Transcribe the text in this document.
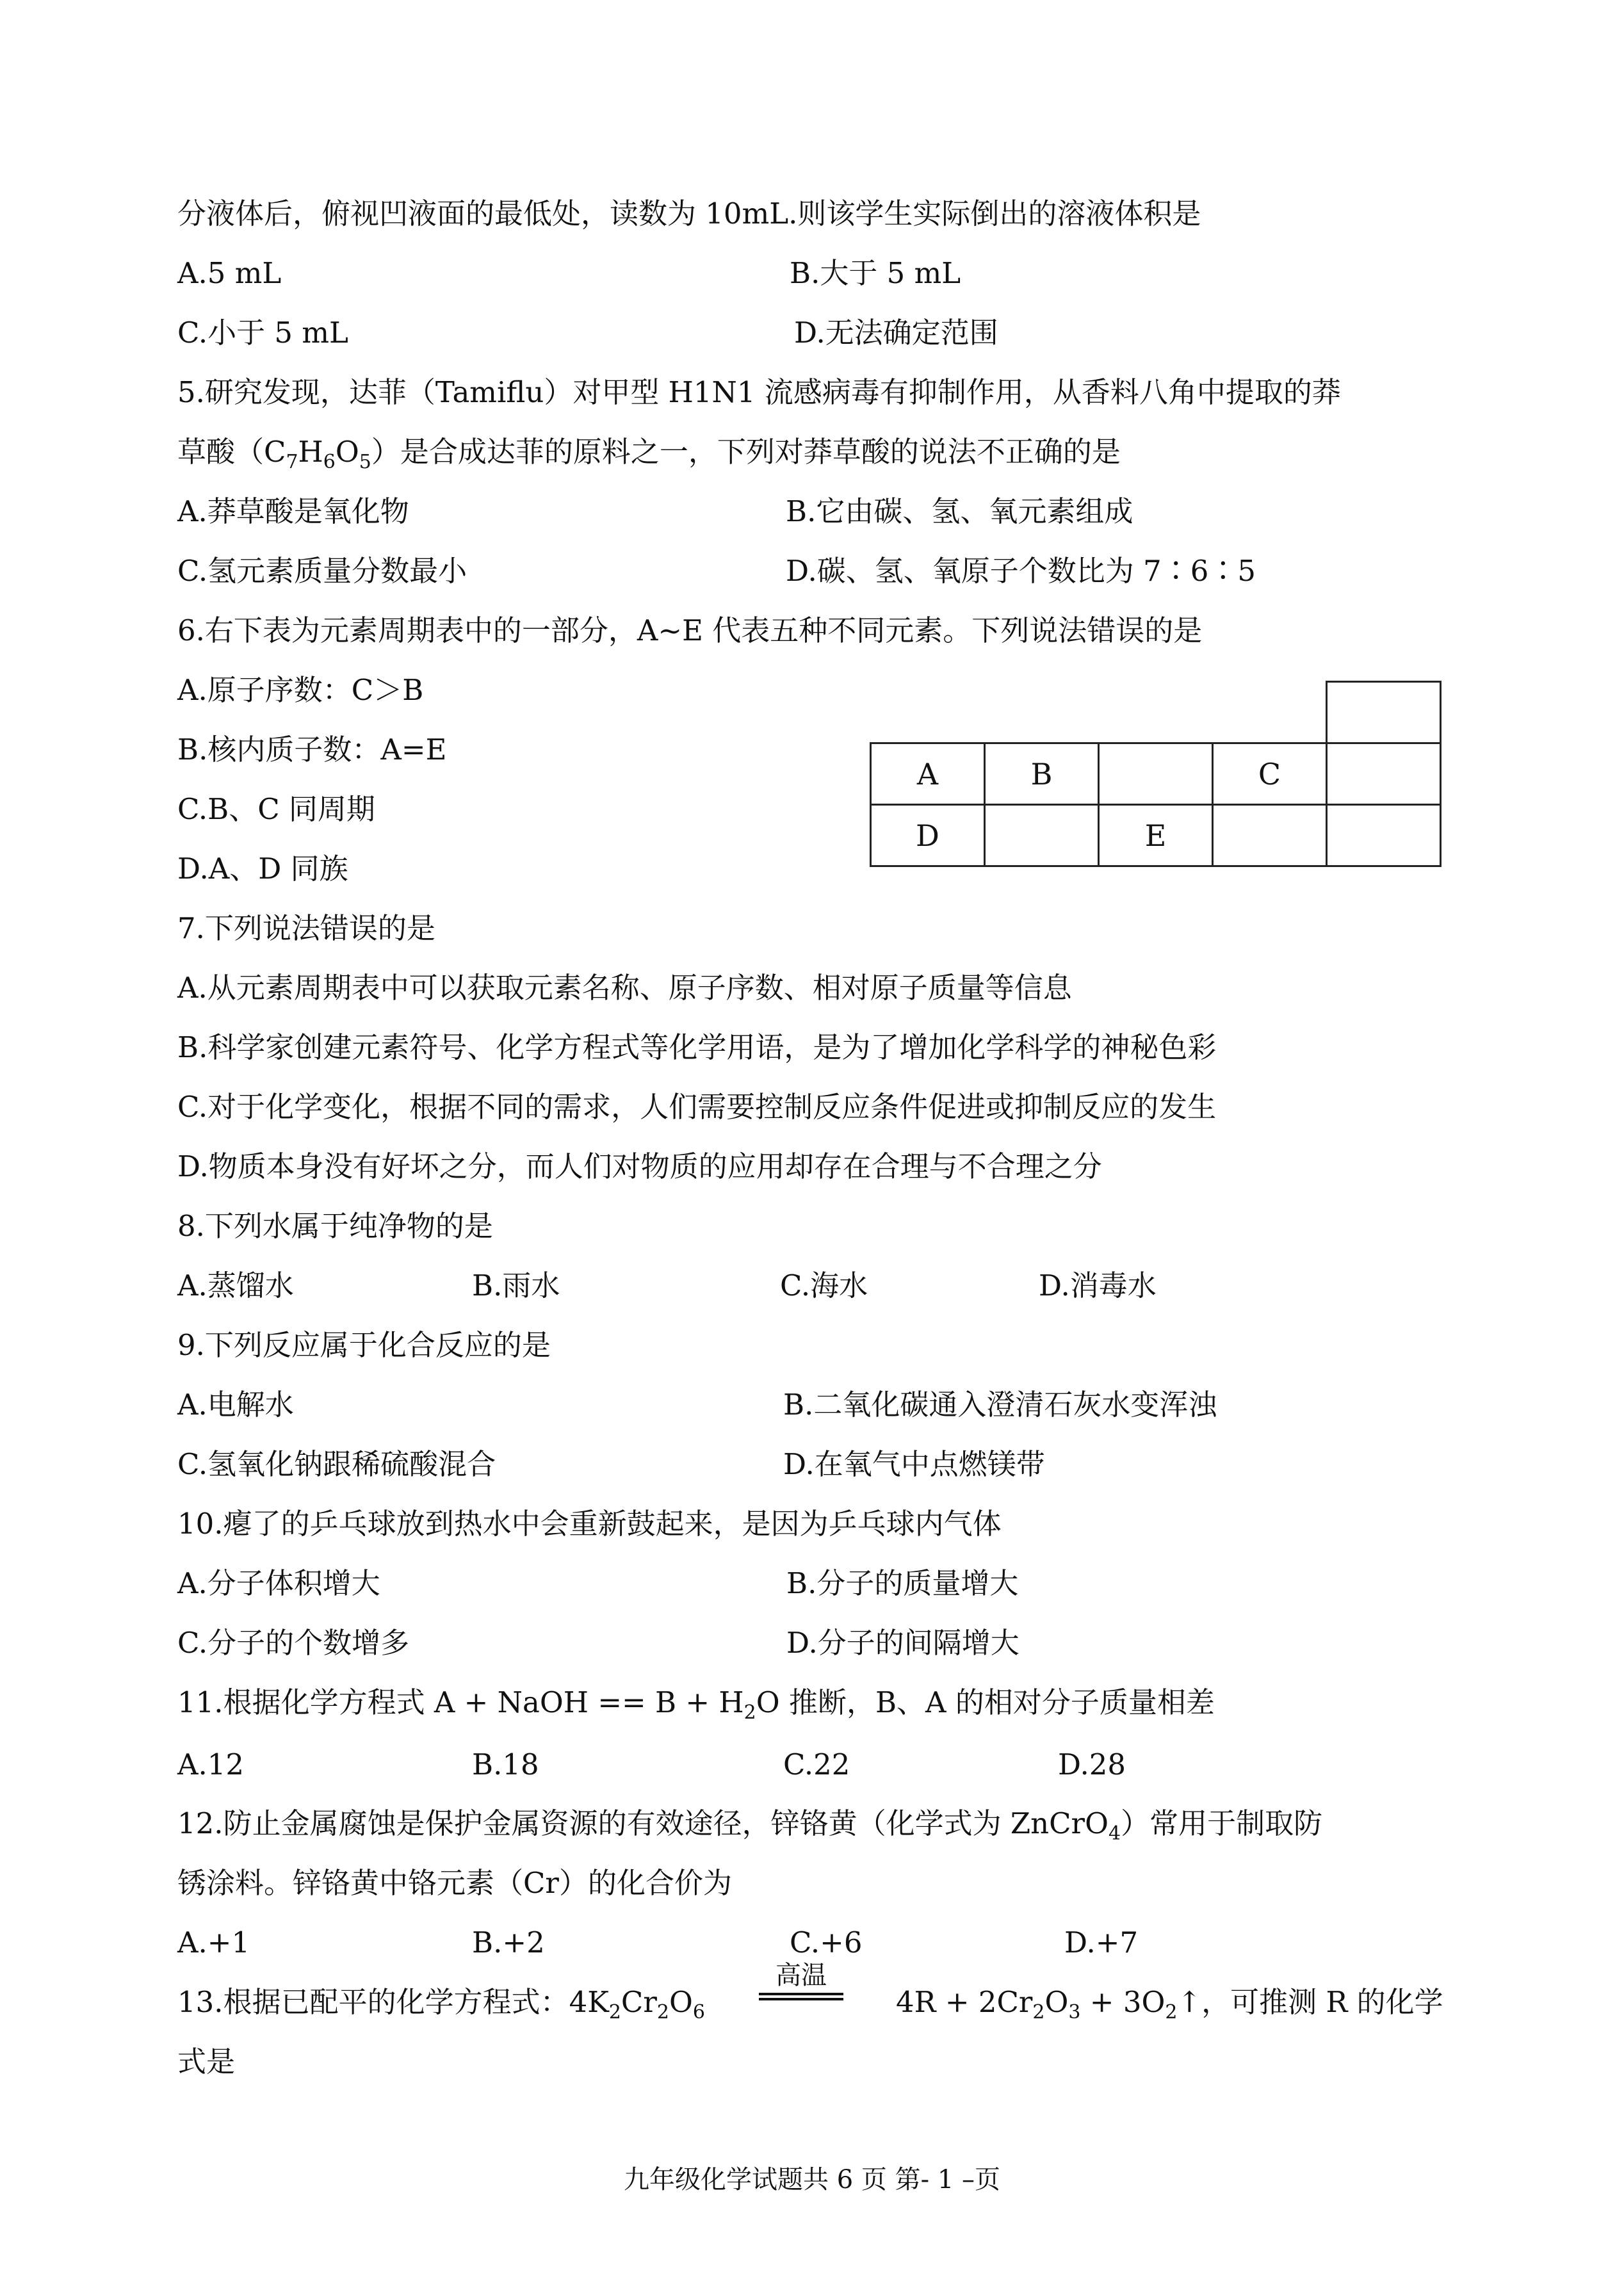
分液体后，俯视凹液面的最低处，读数为 10mL.则该学生实际倒出的溶液体积是
A.5 mL	B.大于 5 mL
C.小于 5 mL	D.无法确定范围
5.研究发现，达菲（Tamiflu）对甲型 H1N1 流感病毒有抑制作用，从香料八角中提取的莽
草酸$(C_7H_6O_5)$是合成达菲的原料之一，下列对莽草酸的说法不正确的是
A.莽草酸是氧化物	B.它由碳、氢、氧元素组成
C.氢元素质量分数最小	D.碳、氢、氧原子个数比为 7∶6∶5
6.右下表为元素周期表中的一部分，A~E 代表五种不同元素。下列说法错误的是
A.原子序数：C＞B
B.核内质子数：A=E
C.B、C 同周期
D.A、D 同族

A	B		C	
D		E		
7.下列说法错误的是
A.从元素周期表中可以获取元素名称、原子序数、相对原子质量等信息
B.科学家创建元素符号、化学方程式等化学用语，是为了增加化学科学的神秘色彩
C.对于化学变化，根据不同的需求，人们需要控制反应条件促进或抑制反应的发生
D.物质本身没有好坏之分，而人们对物质的应用却存在合理与不合理之分
8.下列水属于纯净物的是
A.蒸馏水	B.雨水	C.海水	D.消毒水
9.下列反应属于化合反应的是
A.电解水	B.二氧化碳通入澄清石灰水变浑浊
C.氢氧化钠跟稀硫酸混合	D.在氧气中点燃镁带
10.瘪了的乒乓球放到热水中会重新鼓起来，是因为乒乓球内气体
A.分子体积增大	B.分子的质量增大
C.分子的个数增多	D.分子的间隔增大
11.根据化学方程式 A + NaOH == $B + H_2O$ 推断，B、A 的相对分子质量相差
A.12	B.18	C.22	D.28
12.防止金属腐蚀是保护金属资源的有效途径，锌铬黄（化学式为 ZnCrO$_4$）常用于制取防
锈涂料。锌铬黄中铬元素（Cr）的化合价为
A.+1	B.+2	C.+6	D.+7
13.根据已配平的化学方程式：$4K_2Cr_2O_6$
高温
$4R + 2Cr_2O_3$ + $3O_2↑$，可推测 R 的化学
式是
九年级化学试题共 6 页 第- 1 –页
